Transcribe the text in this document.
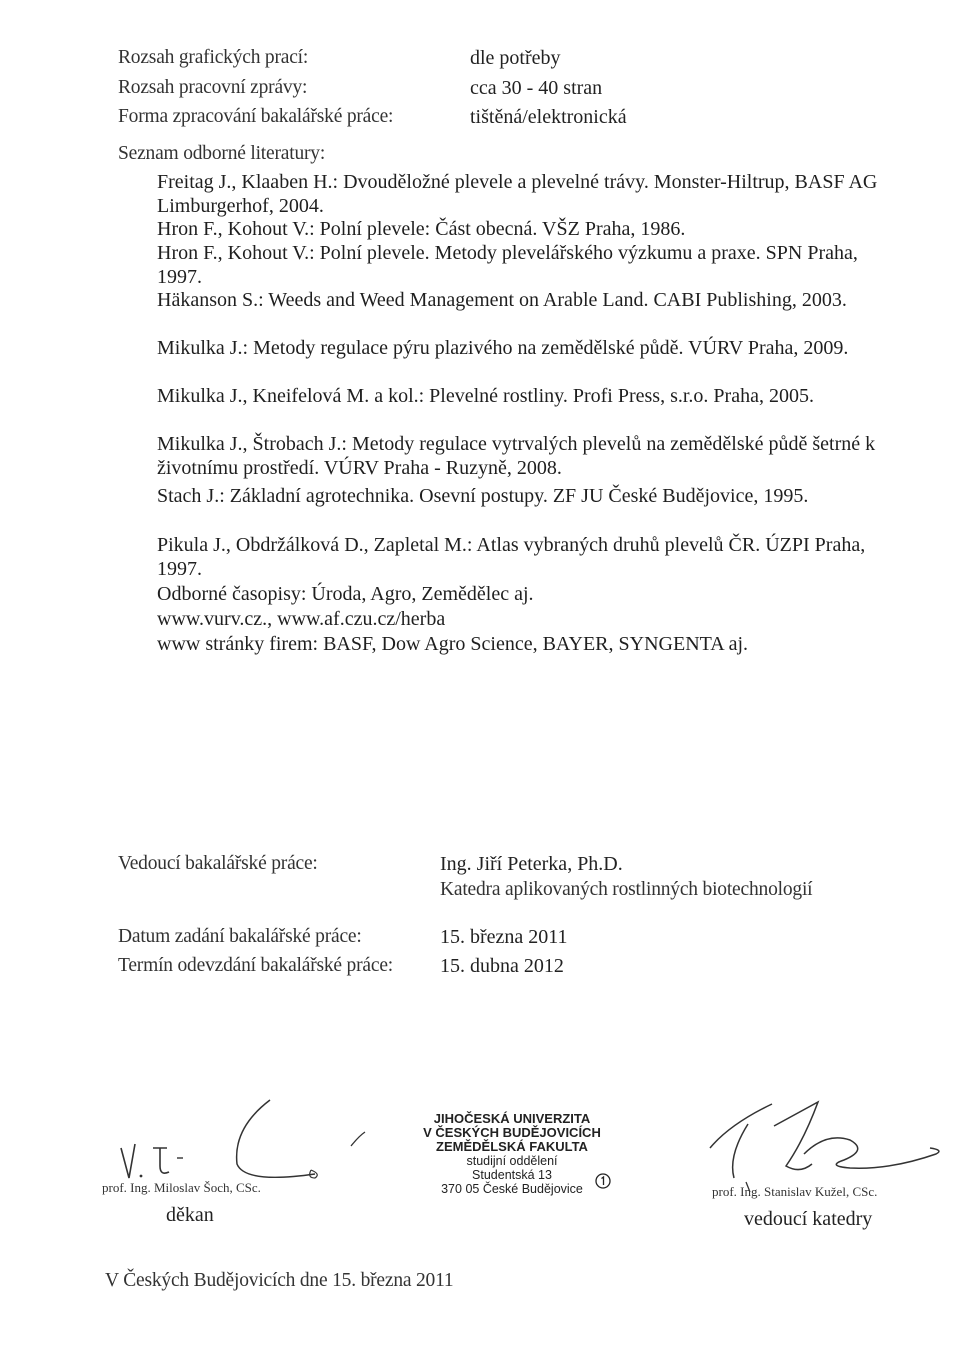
Rozsah grafických prací:	dle potřeby
Rozsah pracovní zprávy:	cca 30 - 40 stran
Forma zpracování bakalářské práce:	tištěná/elektronická
Seznam odborné literatury:
Freitag J., Klaaben H.: Dvouděložné plevele a plevelné trávy. Monster-Hiltrup, BASF AG Limburgerhof, 2004.
Hron F., Kohout V.: Polní plevele: Část obecná. VŠZ Praha, 1986.
Hron F., Kohout V.: Polní plevele. Metody plevelářského výzkumu a praxe. SPN Praha, 1997.
Häkanson S.: Weeds and Weed Management on Arable Land. CABI Publishing, 2003.
Mikulka J.: Metody regulace pýru plazivého na zemědělské půdě. VÚRV Praha, 2009.
Mikulka J., Kneifelová M. a kol.: Plevelné rostliny. Profi Press, s.r.o. Praha, 2005.
Mikulka J., Štrobach J.: Metody regulace vytrvalých plevelů na zemědělské půdě šetrné k životnímu prostředí. VÚRV Praha - Ruzyně, 2008.
Stach J.: Základní agrotechnika. Osevní postupy. ZF JU České Budějovice, 1995.
Pikula J., Obdržálková D., Zapletal M.: Atlas vybraných druhů plevelů ČR. ÚZPI Praha, 1997.
Odborné časopisy: Úroda, Agro, Zemědělec aj.
www.vurv.cz., www.af.czu.cz/herba
www stránky firem: BASF, Dow Agro Science, BAYER, SYNGENTA aj.
Vedoucí bakalářské práce:	Ing. Jiří Peterka, Ph.D.
Katedra aplikovaných rostlinných biotechnologií
Datum zadání bakalářské práce:	15. března 2011
Termín odevzdání bakalářské práce: 15. dubna 2012
prof. Ing. Miloslav Šoch, CSc.
děkan
JIHOČESKÁ UNIVERZITA
V ČESKÝCH BUDĚJOVICÍCH
ZEMĚDĚLSKÁ FAKULTA
studijní oddělení
Studentská 13
370 05 České Budějovice	prof. Ing. Stanislav Kužel, CSc.
vedoucí katedry
V Českých Budějovicích dne 15. března 2011
